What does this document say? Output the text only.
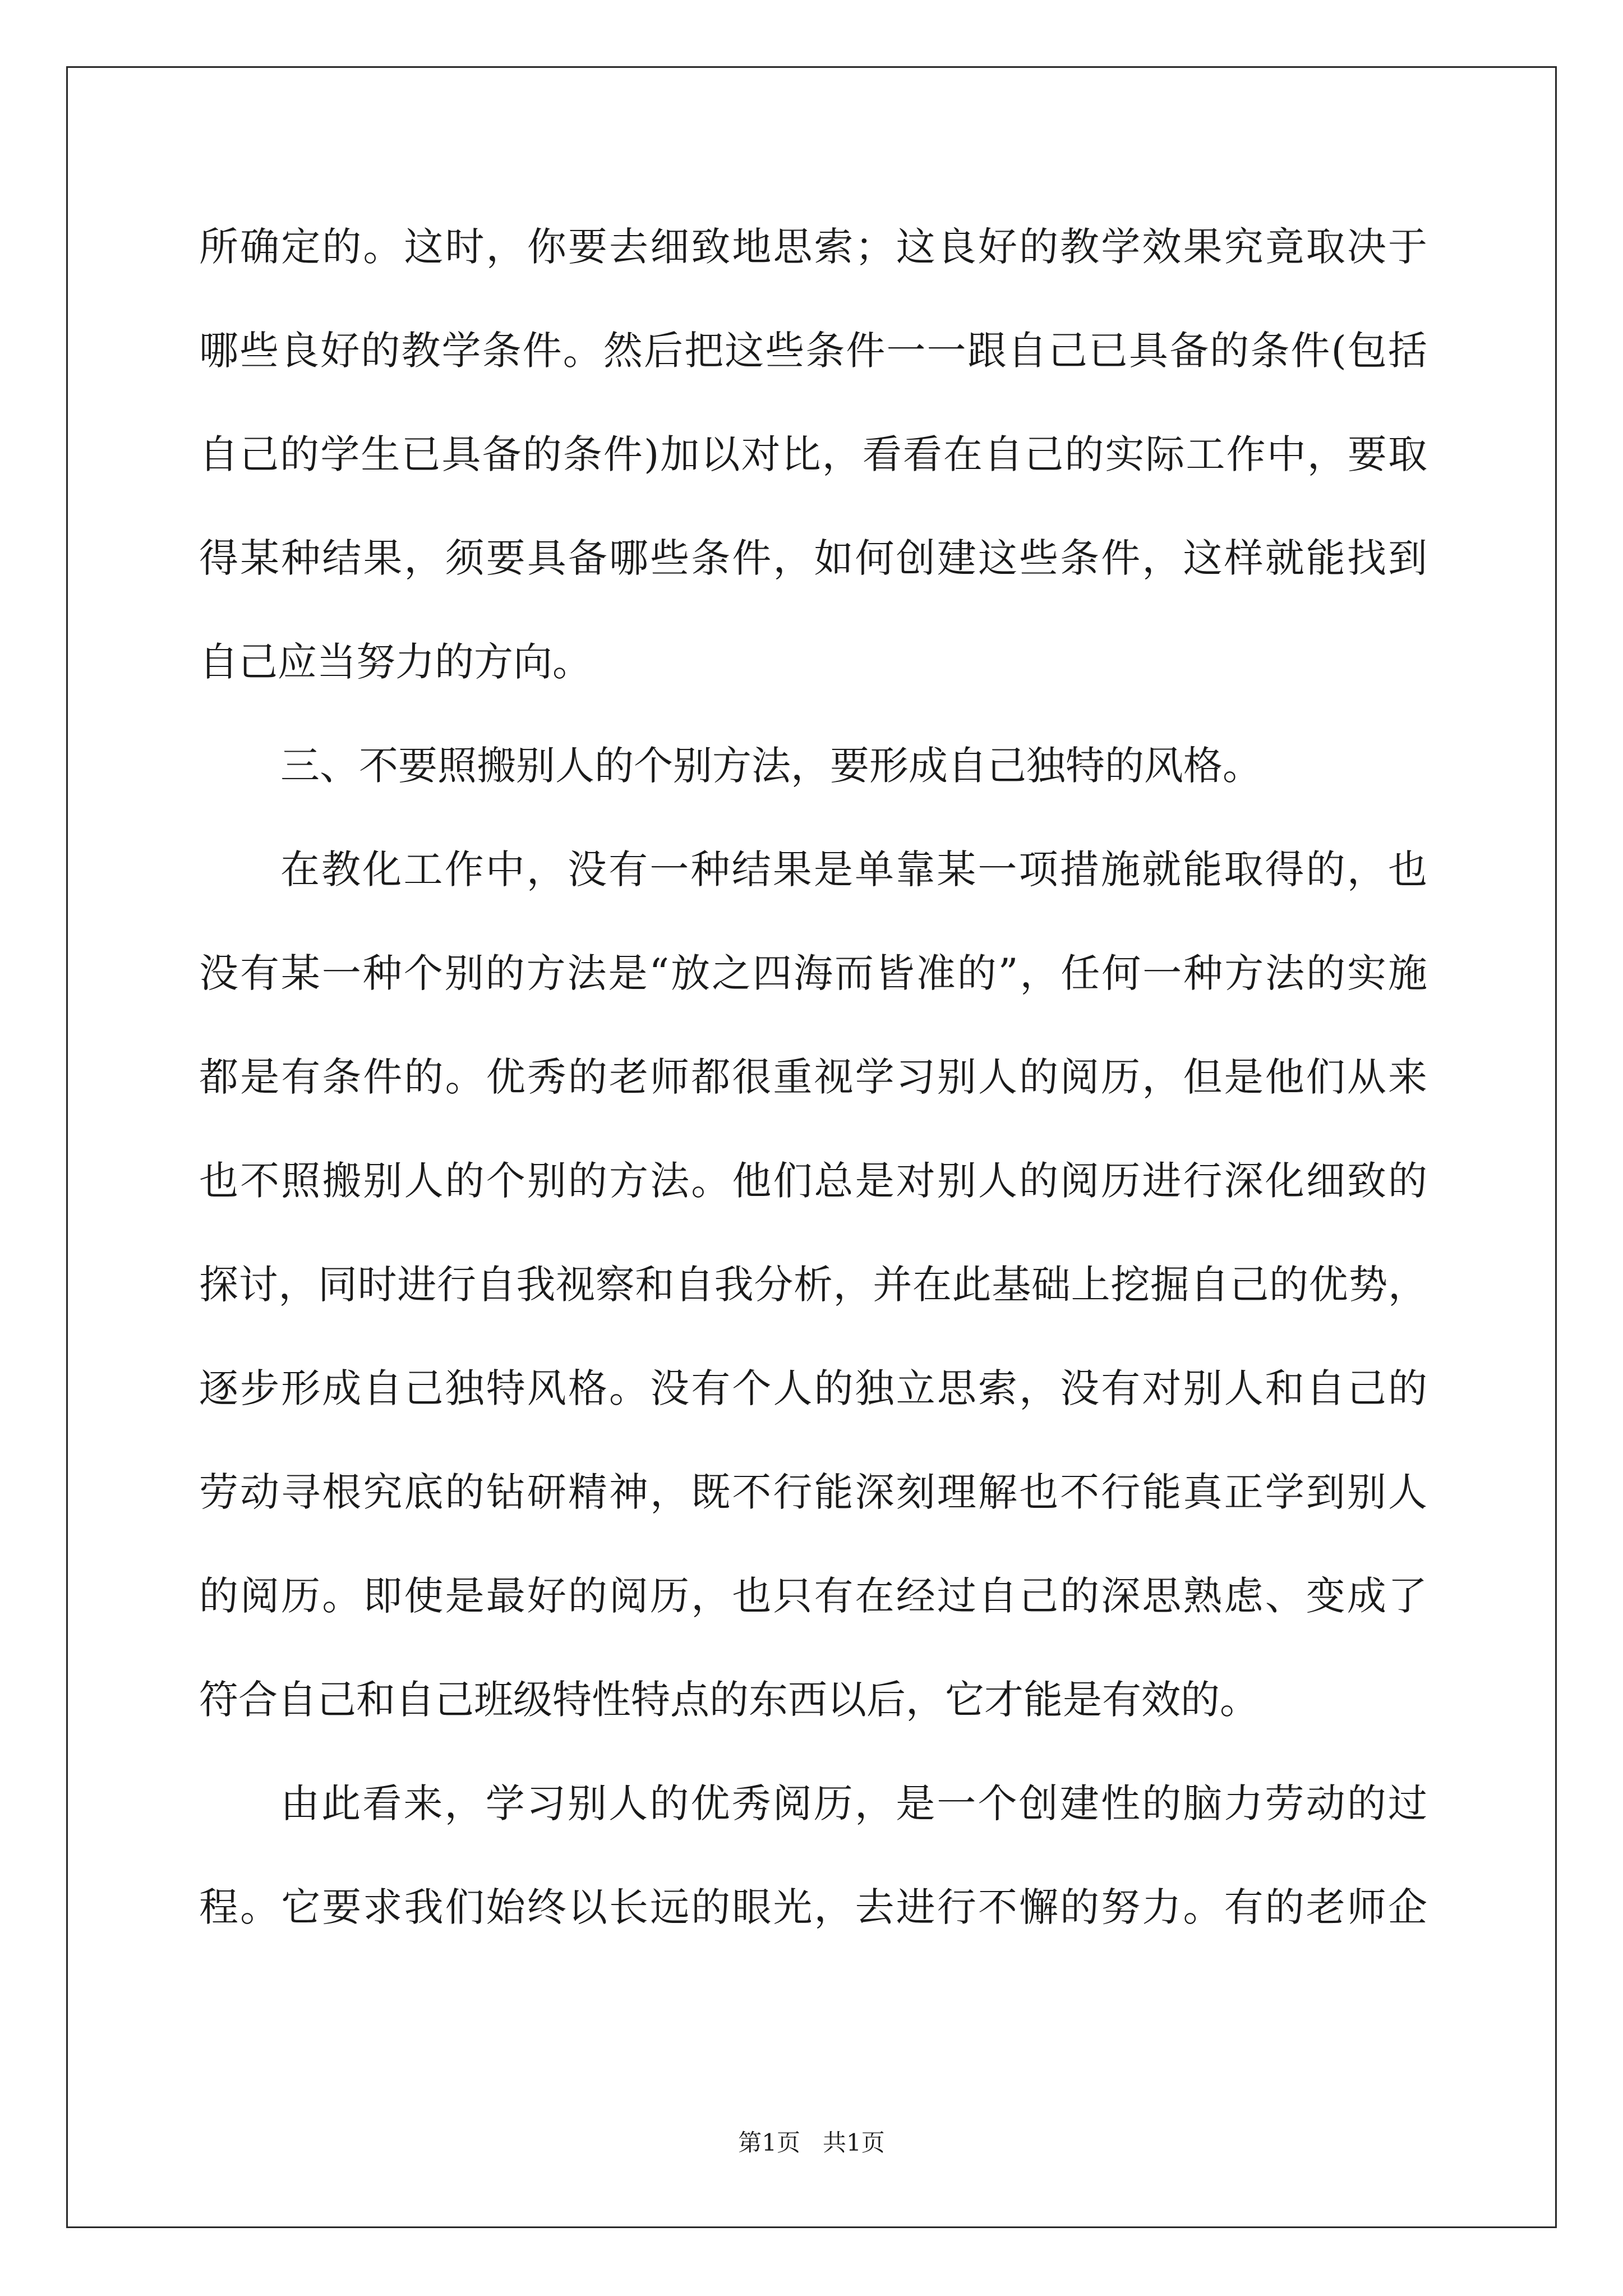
所确定的。这时，你要去细致地思索；这良好的教学效果究竟取决于
哪些良好的教学条件。然后把这些条件一一跟自己已具备的条件(包括
自己的学生已具备的条件)加以对比，看看在自己的实际工作中，要取
得某种结果，须要具备哪些条件，如何创建这些条件，这样就能找到
自己应当努力的方向。
三、不要照搬别人的个别方法，要形成自己独特的风格。
在教化工作中，没有一种结果是单靠某一项措施就能取得的，也
没有某一种个别的方法是“放之四海而皆准的”，任何一种方法的实施
都是有条件的。优秀的老师都很重视学习别人的阅历，但是他们从来
也不照搬别人的个别的方法。他们总是对别人的阅历进行深化细致的
探讨，同时进行自我视察和自我分析，并在此基础上挖掘自己的优势，
逐步形成自己独特风格。没有个人的独立思索，没有对别人和自己的
劳动寻根究底的钻研精神，既不行能深刻理解也不行能真正学到别人
的阅历。即使是最好的阅历，也只有在经过自己的深思熟虑、变成了
符合自己和自己班级特性特点的东西以后，它才能是有效的。
由此看来，学习别人的优秀阅历，是一个创建性的脑力劳动的过
程。它要求我们始终以长远的眼光，去进行不懈的努力。有的老师企
第1页 共1页
